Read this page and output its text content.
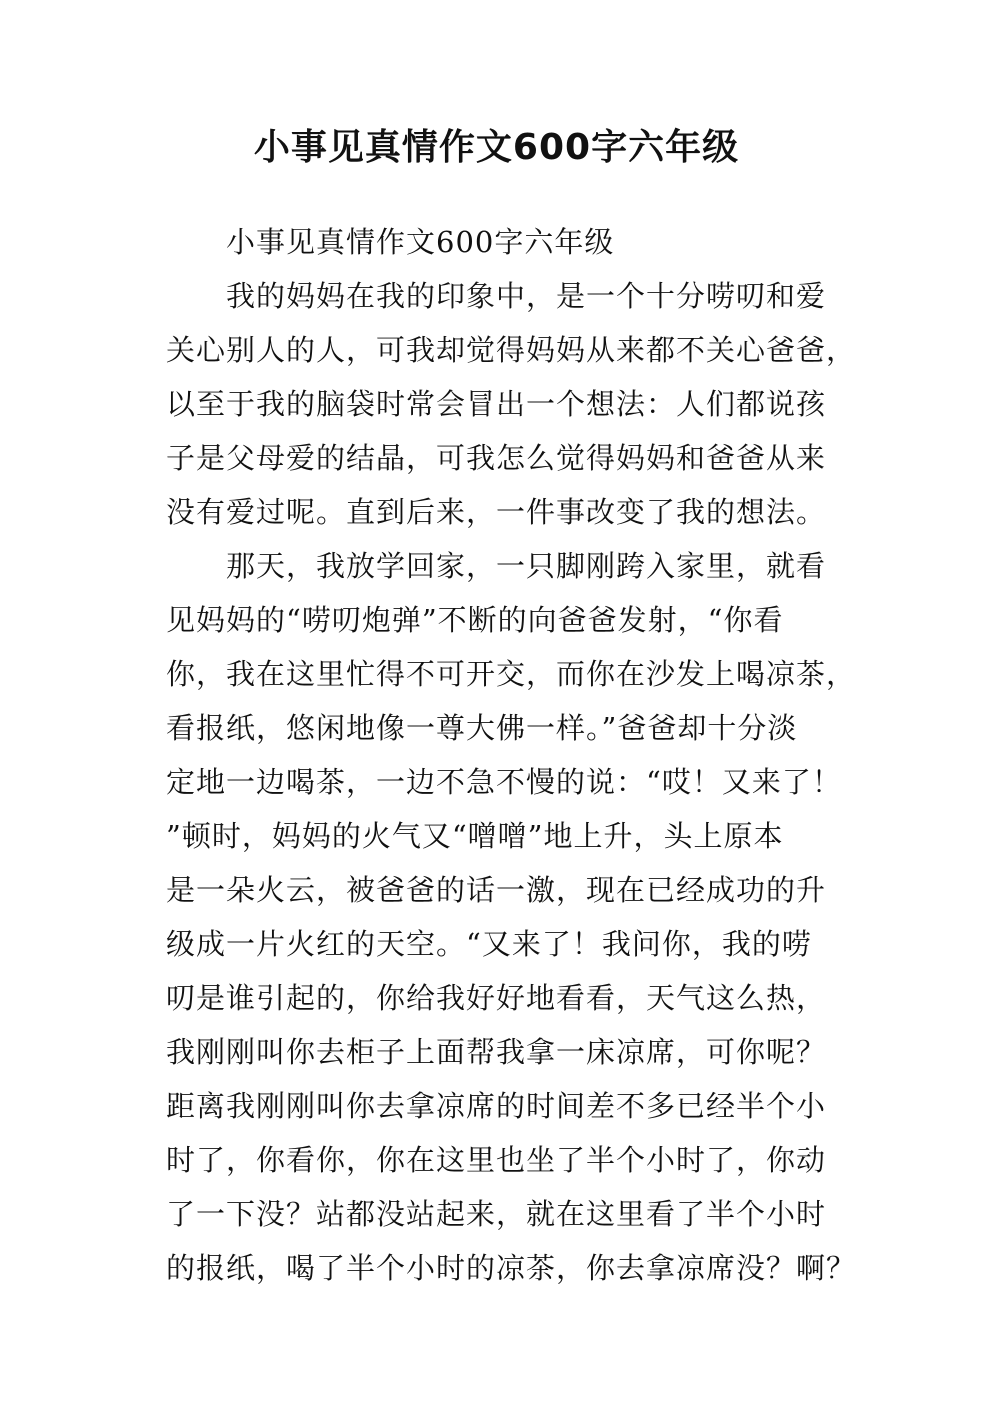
小事见真情作文600字六年级
小事见真情作文600字六年级
我的妈妈在我的印象中，是一个十分唠叨和爱
关心别人的人，可我却觉得妈妈从来都不关心爸爸，
以至于我的脑袋时常会冒出一个想法：人们都说孩
子是父母爱的结晶，可我怎么觉得妈妈和爸爸从来
没有爱过呢。直到后来，一件事改变了我的想法。
那天，我放学回家，一只脚刚跨入家里，就看
见妈妈的“唠叨炮弹”不断的向爸爸发射，“你看
你，我在这里忙得不可开交，而你在沙发上喝凉茶，
看报纸，悠闲地像一尊大佛一样。”爸爸却十分淡
定地一边喝茶，一边不急不慢的说：“哎！又来了！
”顿时，妈妈的火气又“噌噌”地上升，头上原本
是一朵火云，被爸爸的话一激，现在已经成功的升
级成一片火红的天空。“又来了！我问你，我的唠
叨是谁引起的，你给我好好地看看，天气这么热，
我刚刚叫你去柜子上面帮我拿一床凉席，可你呢？
距离我刚刚叫你去拿凉席的时间差不多已经半个小
时了，你看你，你在这里也坐了半个小时了，你动
了一下没？站都没站起来，就在这里看了半个小时
的报纸，喝了半个小时的凉茶，你去拿凉席没？啊？
